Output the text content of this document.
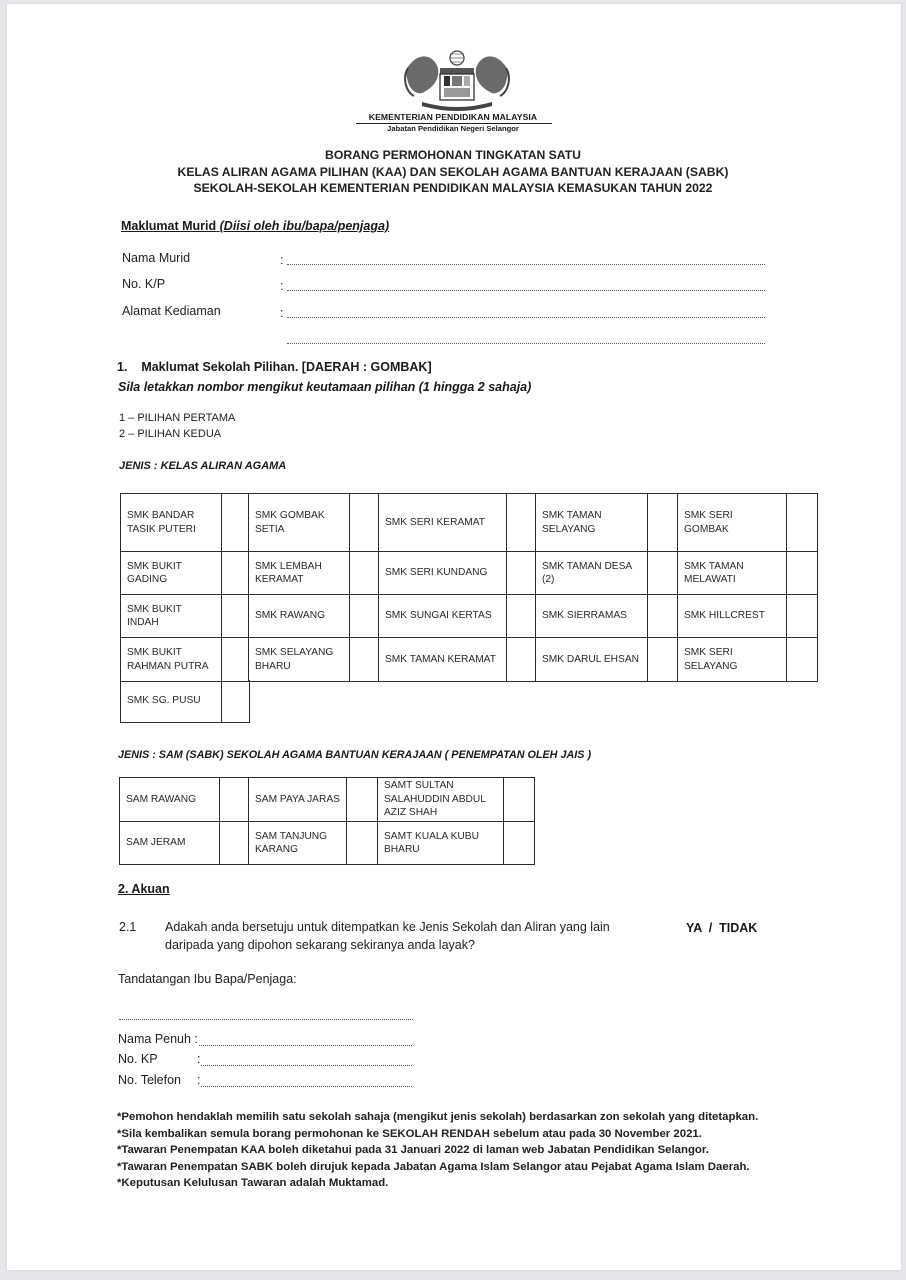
KEMENTERIAN PENDIDIKAN MALAYSIA
Jabatan Pendidikan Negeri Selangor
BORANG PERMOHONAN TINGKATAN SATU
KELAS ALIRAN AGAMA PILIHAN (KAA) DAN SEKOLAH AGAMA BANTUAN KERAJAAN (SABK)
SEKOLAH-SEKOLAH KEMENTERIAN PENDIDIKAN MALAYSIA KEMASUKAN TAHUN 2022
Maklumat Murid (Diisi oleh ibu/bapa/penjaga)
Nama Murid	:
No. K/P	:
Alamat Kediaman	:
1.    Maklumat Sekolah Pilihan. [DAERAH : GOMBAK]
Sila letakkan nombor mengikut keutamaan pilihan (1 hingga 2 sahaja)
1 – PILIHAN PERTAMA
2 – PILIHAN KEDUA
JENIS : KELAS ALIRAN AGAMA
SMK BANDAR TASIK PUTERI		SMK GOMBAK SETIA		SMK SERI KERAMAT		SMK TAMAN SELAYANG		SMK SERI GOMBAK	
SMK BUKIT GADING		SMK LEMBAH KERAMAT		SMK SERI KUNDANG		SMK TAMAN DESA (2)		SMK TAMAN MELAWATI	
SMK BUKIT INDAH		SMK RAWANG		SMK SUNGAI KERTAS		SMK SIERRAMAS		SMK HILLCREST	
SMK BUKIT RAHMAN PUTRA		SMK SELAYANG BHARU		SMK TAMAN KERAMAT		SMK DARUL EHSAN		SMK SERI SELAYANG	
SMK SG. PUSU	
JENIS : SAM (SABK) SEKOLAH AGAMA BANTUAN KERAJAAN ( PENEMPATAN OLEH JAIS )
SAM RAWANG		SAM PAYA JARAS		SAMT SULTAN SALAHUDDIN ABDUL AZIZ SHAH	
SAM JERAM		SAM TANJUNG KARANG		SAMT KUALA KUBU BHARU	
2. Akuan
2.1 Adakah anda bersetuju untuk ditempatkan ke Jenis Sekolah dan Aliran yang lain
daripada yang dipohon sekarang sekiranya anda layak?
YA  /  TIDAK
Tandatangan Ibu Bapa/Penjaga:
Nama Penuh :
No. KP	:
No. Telefon :
*Pemohon hendaklah memilih satu sekolah sahaja (mengikut jenis sekolah) berdasarkan zon sekolah yang ditetapkan.
*Sila kembalikan semula borang permohonan ke SEKOLAH RENDAH sebelum atau pada 30 November 2021.
*Tawaran Penempatan KAA boleh diketahui pada 31 Januari 2022 di laman web Jabatan Pendidikan Selangor.
*Tawaran Penempatan SABK boleh dirujuk kepada Jabatan Agama Islam Selangor atau Pejabat Agama Islam Daerah.
*Keputusan Kelulusan Tawaran adalah Muktamad.
